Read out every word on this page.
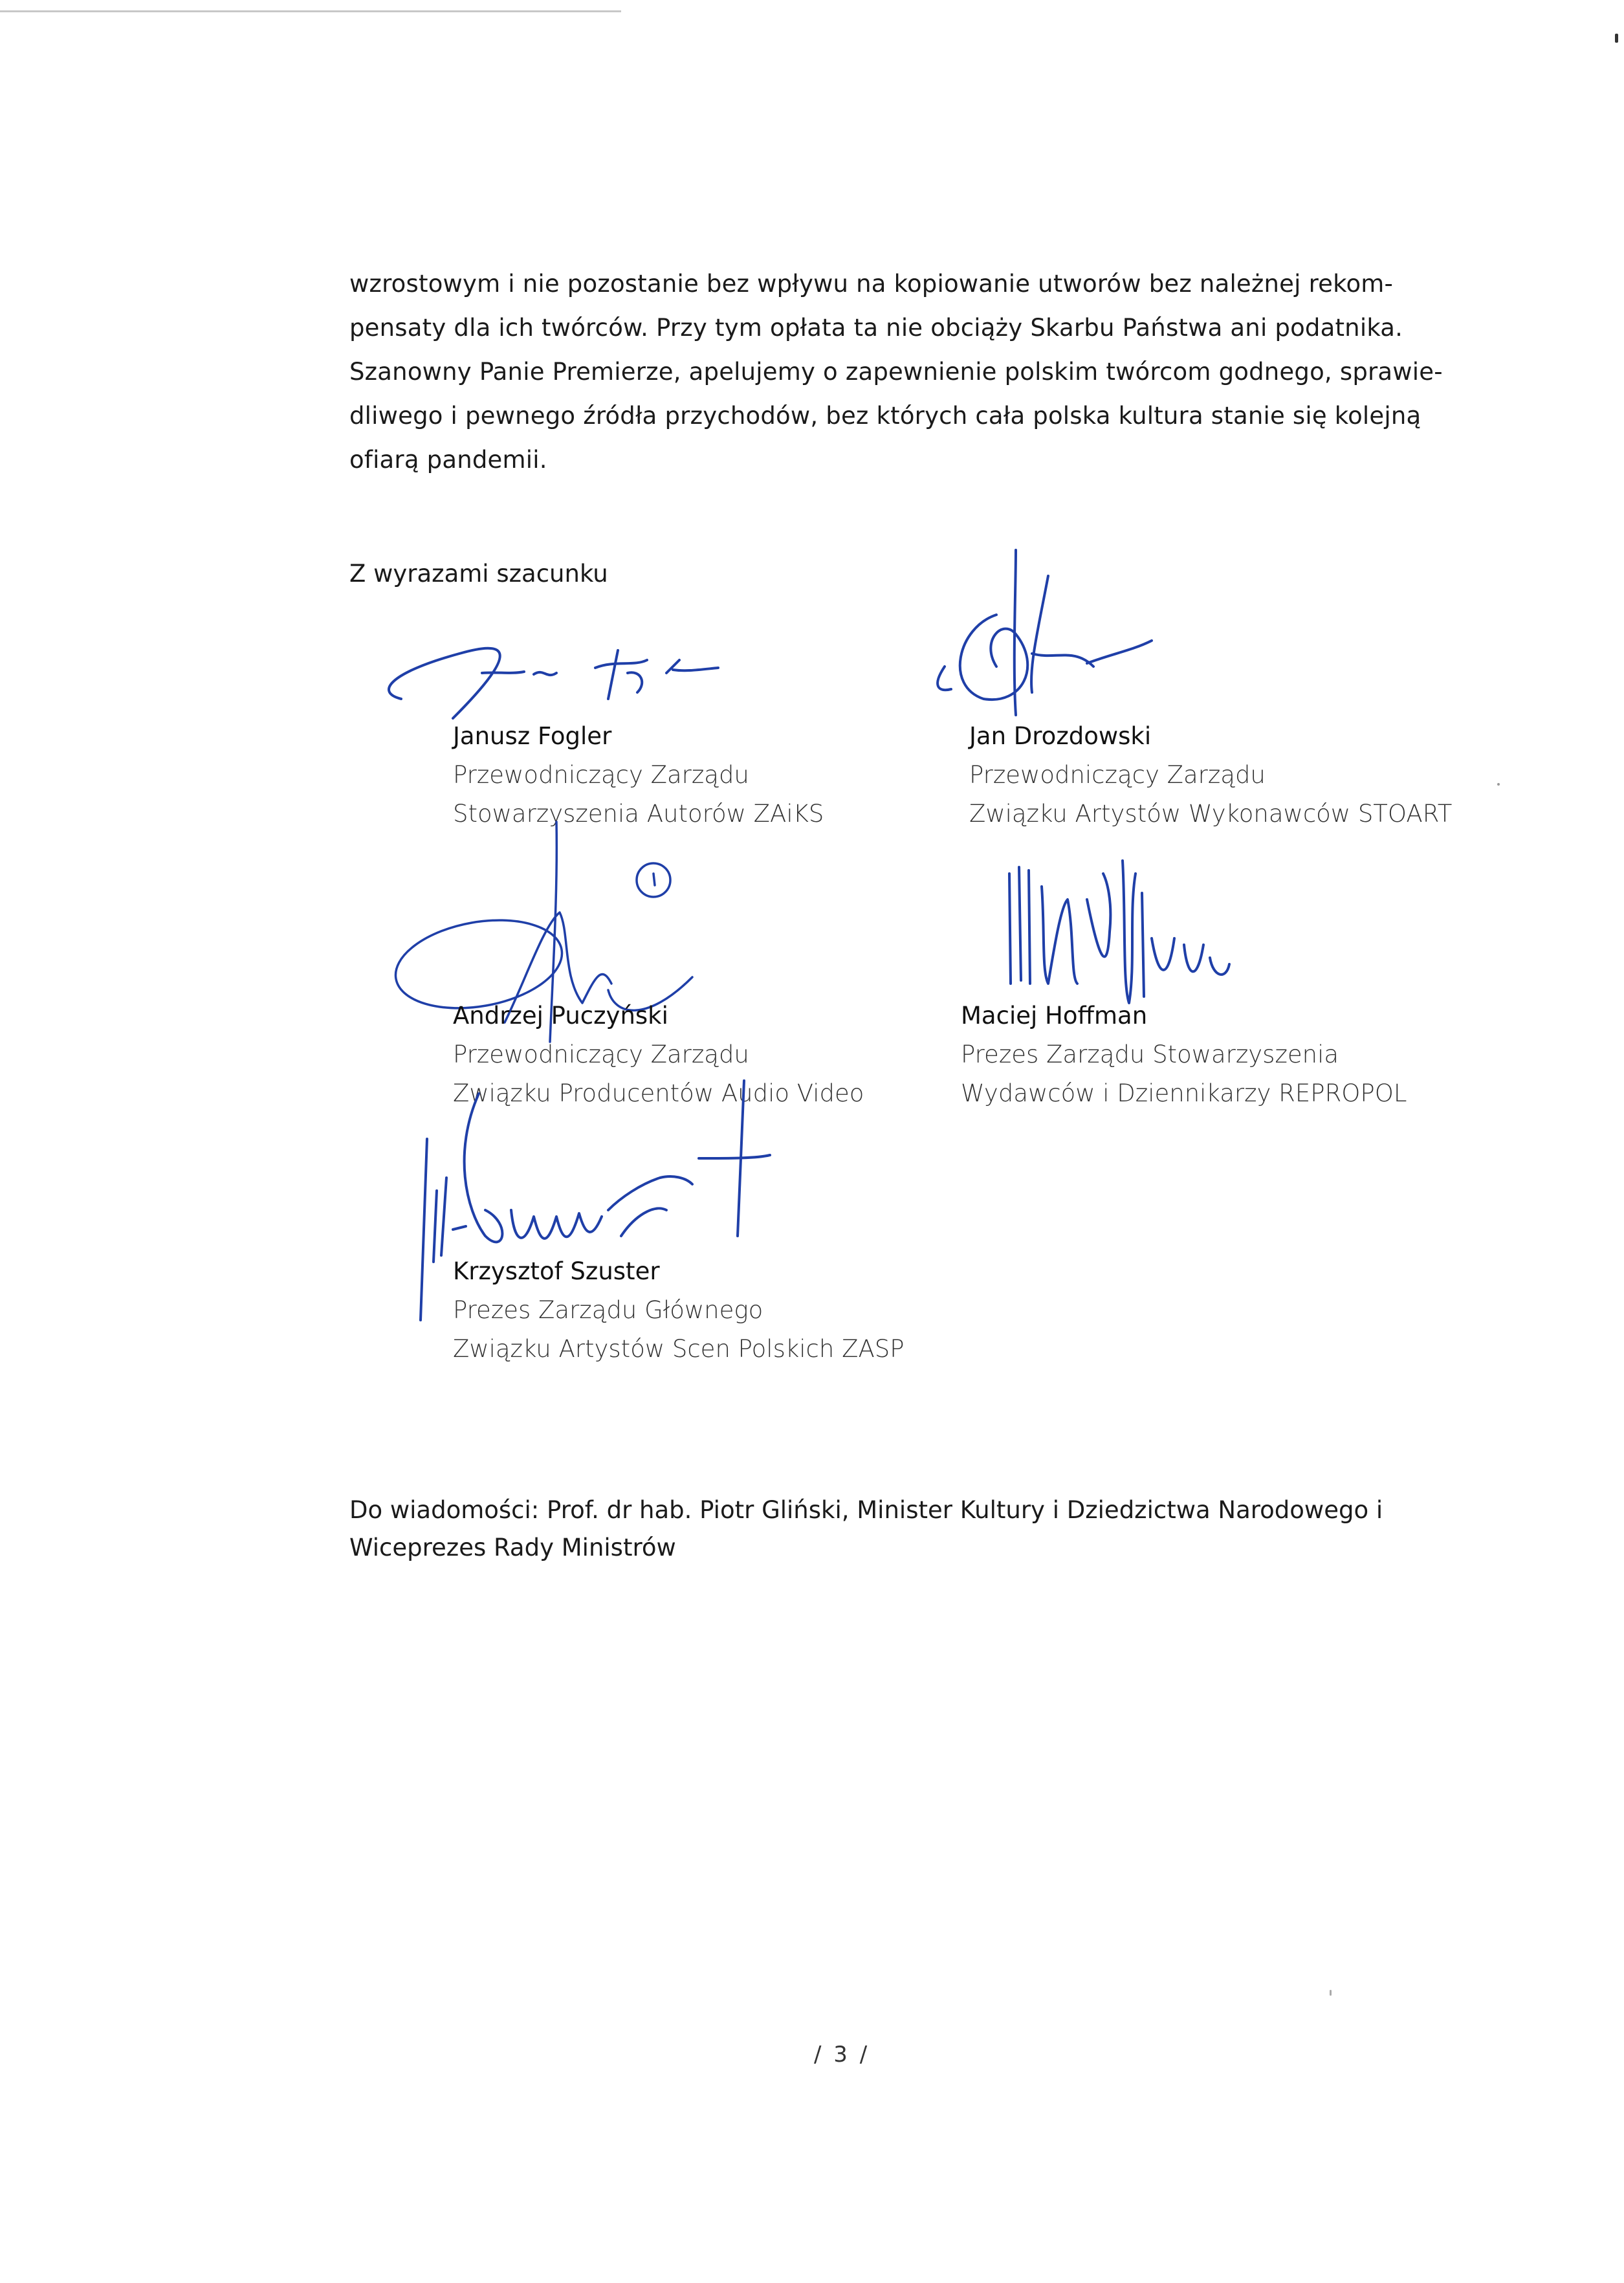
wzrostowym i nie pozostanie bez wpływu na kopiowanie utworów bez należnej rekom-
pensaty dla ich twórców. Przy tym opłata ta nie obciąży Skarbu Państwa ani podatnika.
Szanowny Panie Premierze, apelujemy o zapewnienie polskim twórcom godnego, sprawie-
dliwego i pewnego źródła przychodów, bez których cała polska kultura stanie się kolejną
ofiarą pandemii.
Z wyrazami szacunku
Janusz Fogler
Przewodniczący Zarządu
Stowarzyszenia Autorów ZAiKS
Jan Drozdowski
Przewodniczący Zarządu
Związku Artystów Wykonawców STOART
Andrzej Puczyński
Przewodniczący Zarządu
Związku Producentów Audio Video
Maciej Hoffman
Prezes Zarządu Stowarzyszenia
Wydawców i Dziennikarzy REPROPOL
Krzysztof Szuster
Prezes Zarządu Głównego
Związku Artystów Scen Polskich ZASP
Do wiadomości: Prof. dr hab. Piotr Gliński, Minister Kultury i Dziedzictwa Narodowego i
Wiceprezes Rady Ministrów
/ 3 /
